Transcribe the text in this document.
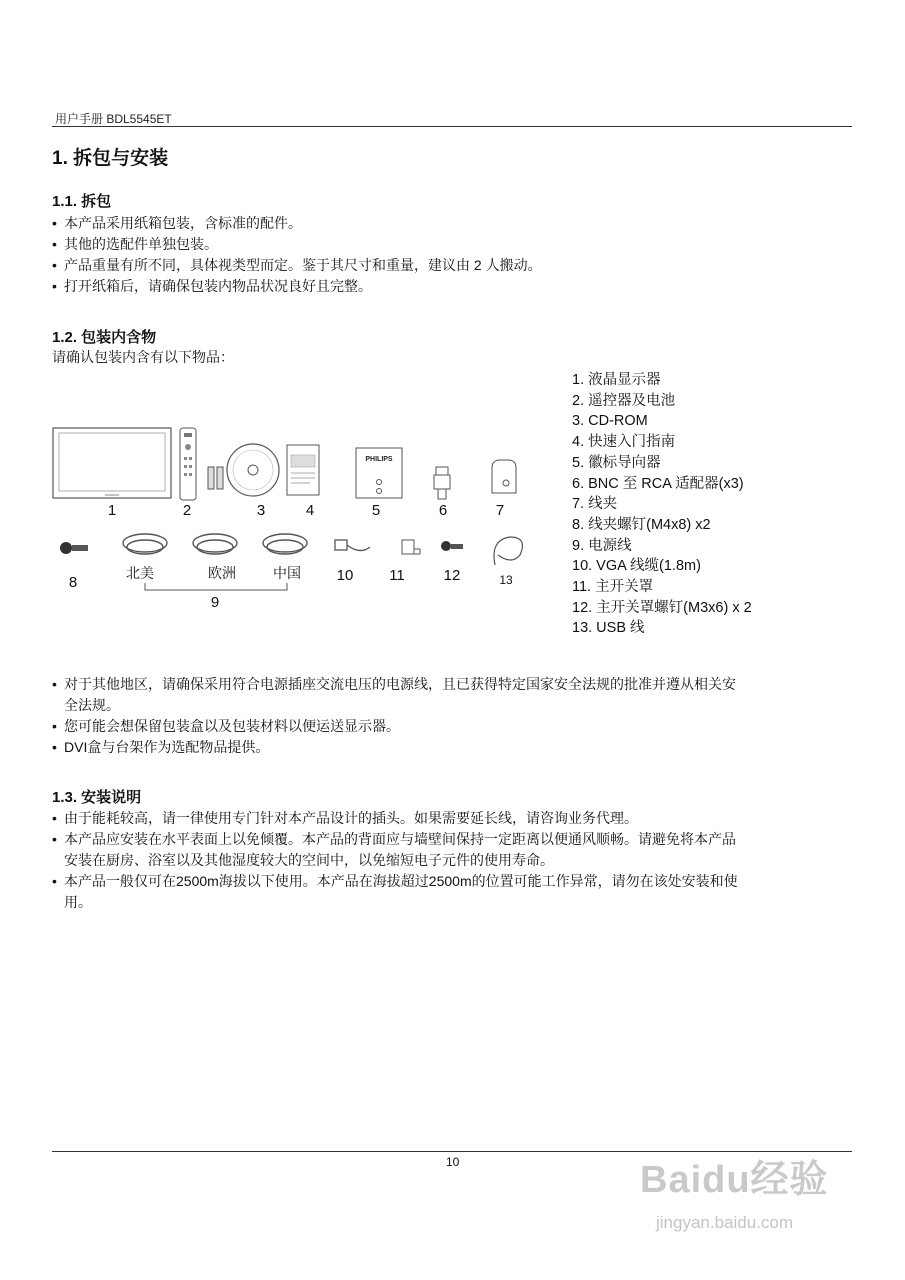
用户手册 BDL5545ET
1. 拆包与安装
1.1. 拆包
• 本产品采用纸箱包装，含标准的配件。
• 其他的选配件单独包装。
• 产品重量有所不同，具体视类型而定。鉴于其尺寸和重量，建议由 2 人搬动。
• 打开纸箱后，请确保包装内物品状况良好且完整。
1.2. 包装内含物
请确认包装内含有以下物品：
PHILIPS
1	2	3	4	5	6	7
8
9
10 11	12	13
北美	欧洲	中国
1. 液晶显示器
2. 遥控器及电池
3. CD-ROM
4. 快速入门指南
5. 徽标导向器
6. BNC 至 RCA 适配器(x3)
7. 线夹
8. 线夹螺钉(M4x8) x2
9. 电源线
10. VGA 线缆(1.8m)
11. 主开关罩
12. 主开关罩螺钉(M3x6) x 2
13. USB 线
• 对于其他地区，请确保采用符合电源插座交流电压的电源线，且已获得特定国家安全法规的批准并遵从相关安
全法规。
• 您可能会想保留包装盒以及包装材料以便运送显示器。
• DVI盒与台架作为选配物品提供。
1.3. 安装说明
• 由于能耗较高，请一律使用专门针对本产品设计的插头。如果需要延长线，请咨询业务代理。
• 本产品应安装在水平表面上以免倾覆。本产品的背面应与墙壁间保持一定距离以便通风顺畅。请避免将本产品
安装在厨房、浴室以及其他湿度较大的空间中，以免缩短电子元件的使用寿命。
• 本产品一般仅可在2500m海拔以下使用。本产品在海拔超过2500m的位置可能工作异常，请勿在该处安装和使
用。
10	Baidu经验
jingyan.baidu.com
